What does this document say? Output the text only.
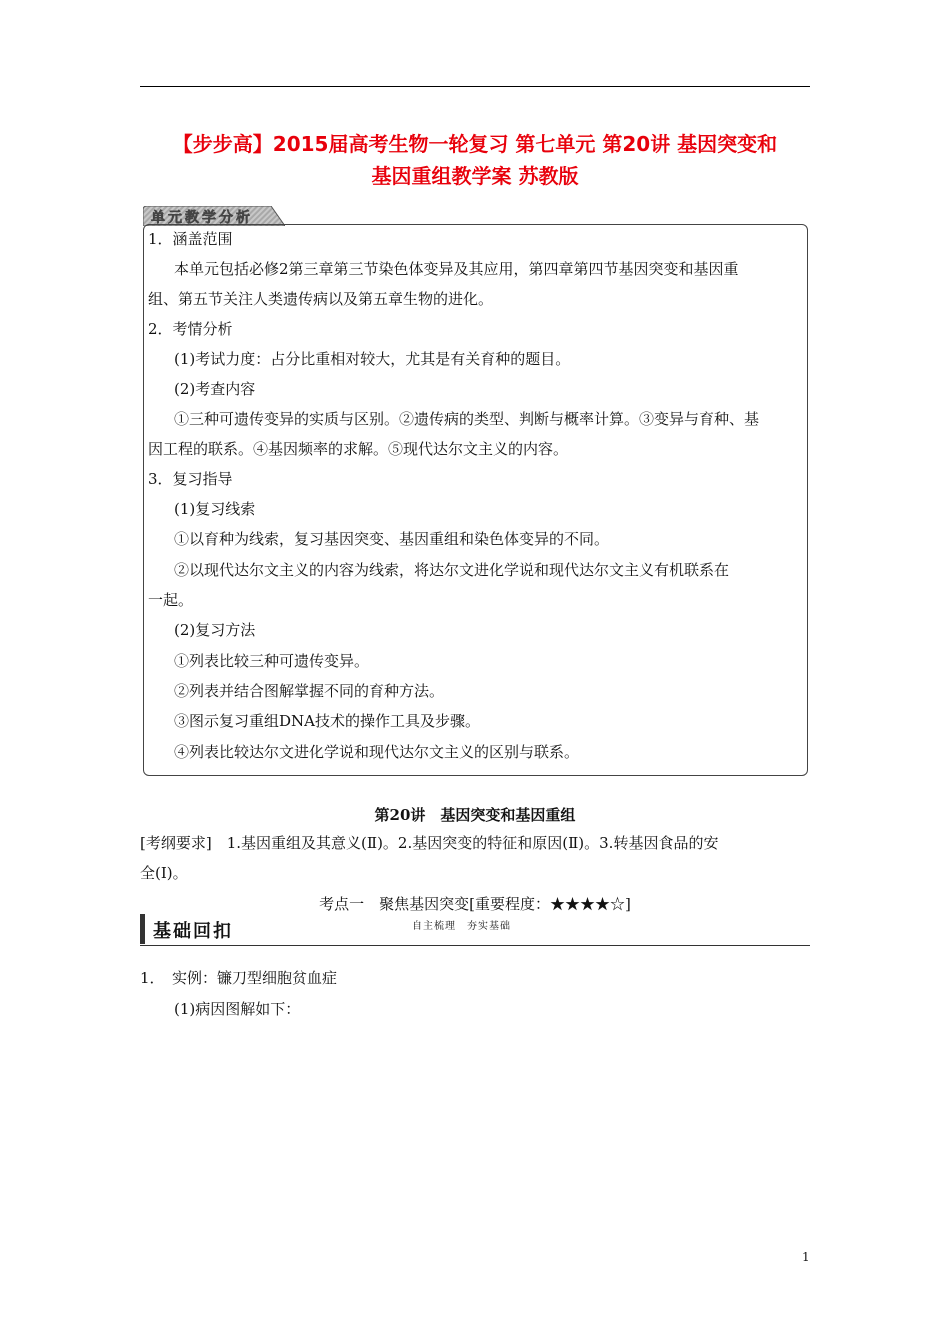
【步步高】2015届高考生物一轮复习 第七单元 第20讲 基因突变和
基因重组教学案 苏教版
单元教学分析
1．涵盖范围
本单元包括必修2第三章第三节染色体变异及其应用，第四章第四节基因突变和基因重
组、第五节关注人类遗传病以及第五章生物的进化。
2．考情分析
(1)考试力度：占分比重相对较大，尤其是有关育种的题目。
(2)考查内容
①三种可遗传变异的实质与区别。②遗传病的类型、判断与概率计算。③变异与育种、基
因工程的联系。④基因频率的求解。⑤现代达尔文主义的内容。
3．复习指导
(1)复习线索
①以育种为线索，复习基因突变、基因重组和染色体变异的不同。
②以现代达尔文主义的内容为线索，将达尔文进化学说和现代达尔文主义有机联系在
一起。
(2)复习方法
①列表比较三种可遗传变异。
②列表并结合图解掌握不同的育种方法。
③图示复习重组DNA技术的操作工具及步骤。
④列表比较达尔文进化学说和现代达尔文主义的区别与联系。
第20讲　基因突变和基因重组
[考纲要求]　1.基因重组及其意义(Ⅱ)。2.基因突变的特征和原因(Ⅱ)。3.转基因食品的安
全(Ⅰ)。
考点一　聚焦基因突变[重要程度：★★★★☆]
基础回扣	自主梳理　夯实基础
1．　实例：镰刀型细胞贫血症
(1)病因图解如下：
1
